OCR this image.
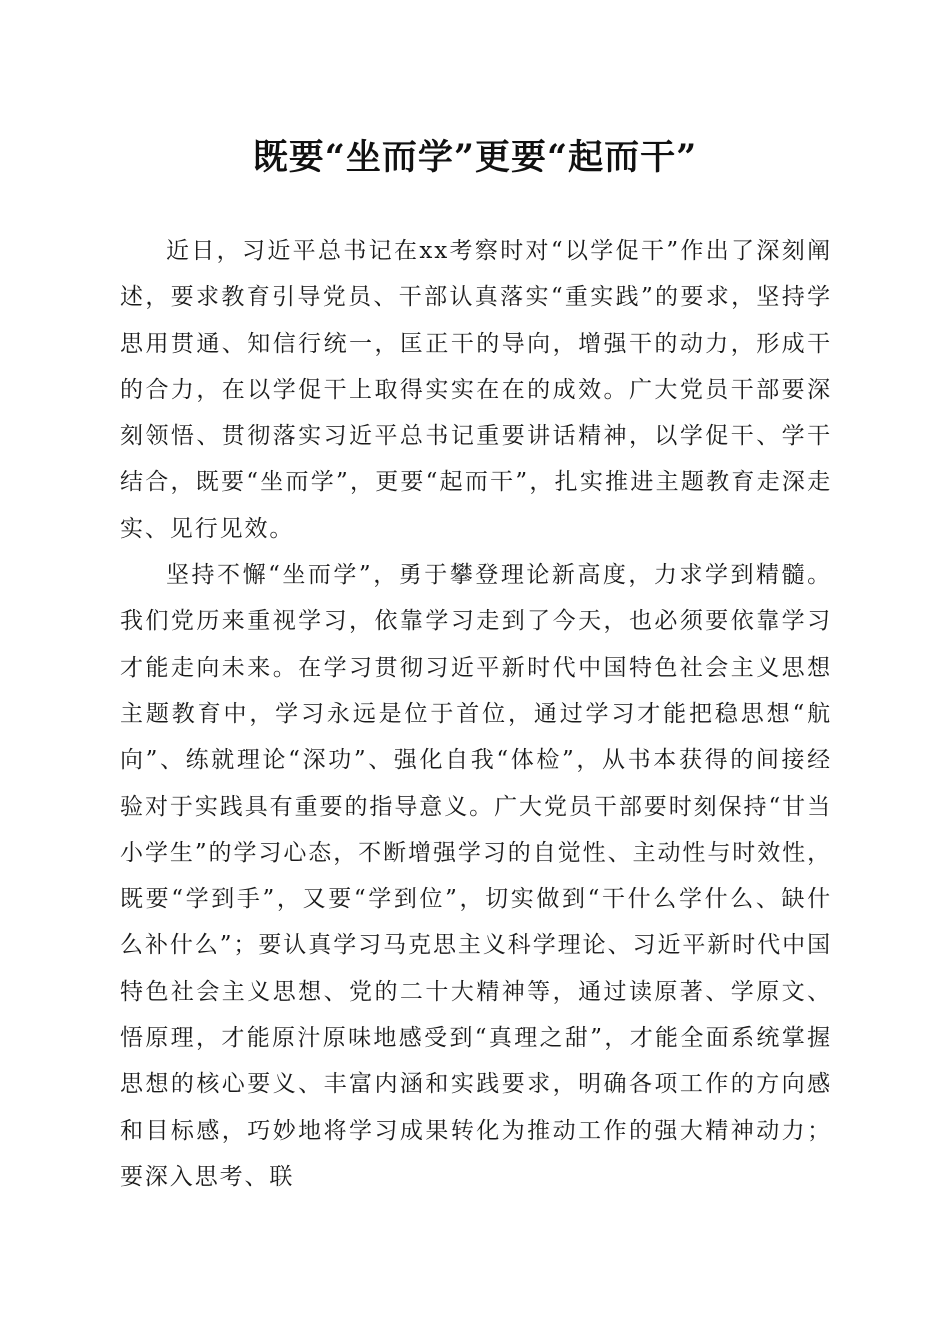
既要“坐而学”更要“起而干”

近日，习近平总书记在xx考察时对“以学促干”作出了深刻阐述，要求教育引导党员、干部认真落实“重实践”的要求，坚持学思用贯通、知信行统一，匡正干的导向，增强干的动力，形成干的合力，在以学促干上取得实实在在的成效。广大党员干部要深刻领悟、贯彻落实习近平总书记重要讲话精神，以学促干、学干结合，既要“坐而学”，更要“起而干”，扎实推进主题教育走深走实、见行见效。

坚持不懈“坐而学”，勇于攀登理论新高度，力求学到精髓。我们党历来重视学习，依靠学习走到了今天，也必须要依靠学习才能走向未来。在学习贯彻习近平新时代中国特色社会主义思想主题教育中，学习永远是位于首位，通过学习才能把稳思想“航向”、练就理论“深功”、强化自我“体检”，从书本获得的间接经验对于实践具有重要的指导意义。广大党员干部要时刻保持“甘当小学生”的学习心态，不断增强学习的自觉性、主动性与时效性，既要“学到手”，又要“学到位”，切实做到“干什么学什么、缺什么补什么”；要认真学习马克思主义科学理论、习近平新时代中国特色社会主义思想、党的二十大精神等，通过读原著、学原文、悟原理，才能原汁原味地感受到“真理之甜”，才能全面系统掌握思想的核心要义、丰富内涵和实践要求，明确各项工作的方向感和目标感，巧妙地将学习成果转化为推动工作的强大精神动力；要深入思考、联
